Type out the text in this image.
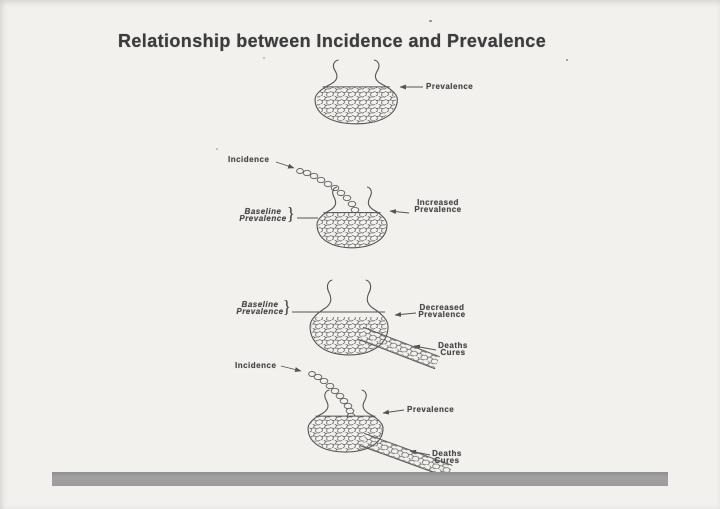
Relationship between Incidence and Prevalence
Prevalence
Incidence
Baseline
Prevalence }
Increased
Prevalence
Baseline
Prevalence }	Decreased
Prevalence
Deaths
Cures
Incidence
Prevalence
Deaths
Cures
